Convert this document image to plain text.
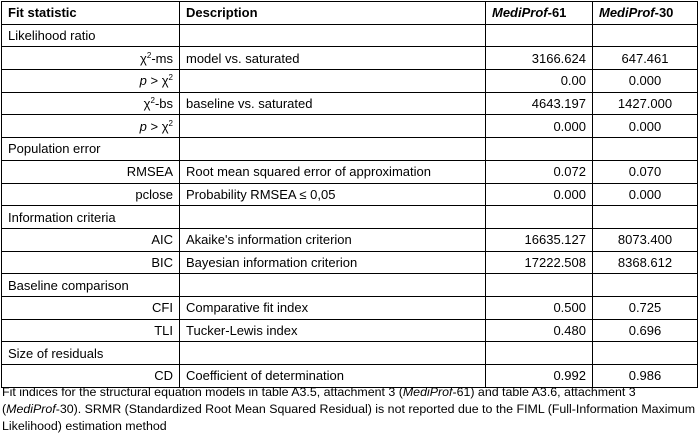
Fit statistic	Description	MediProf-61	MediProf-30
Likelihood ratio			
$\chi^2-ms$	model vs. saturated	3166.624	647.461
$p > \chi^2$		0.00	0.000
$\chi^2-bs$	baseline vs. saturated	4643.197	1427.000
$p > \chi^2$		0.000	0.000
Population error			
RMSEA	Root mean squared error of approximation	0.072	0.070
pclose	Probability RMSEA ≤ 0,05	0.000	0.000
Information criteria			
AIC	Akaike's information criterion	16635.127	8073.400
BIC	Bayesian information criterion	17222.508	8368.612
Baseline comparison			
CFI	Comparative fit index	0.500	0.725
TLI	Tucker-Lewis index	0.480	0.696
Size of residuals			
CD	Coefficient of determination	0.992	0.986
Fit indices for the structural equation models in table A3.5, attachment 3 (MediProf-61) and table A3.6, attachment 3 (MediProf-30). SRMR (Standardized Root Mean Squared Residual) is not reported due to the FIML (Full-Information Maximum Likelihood) estimation method
